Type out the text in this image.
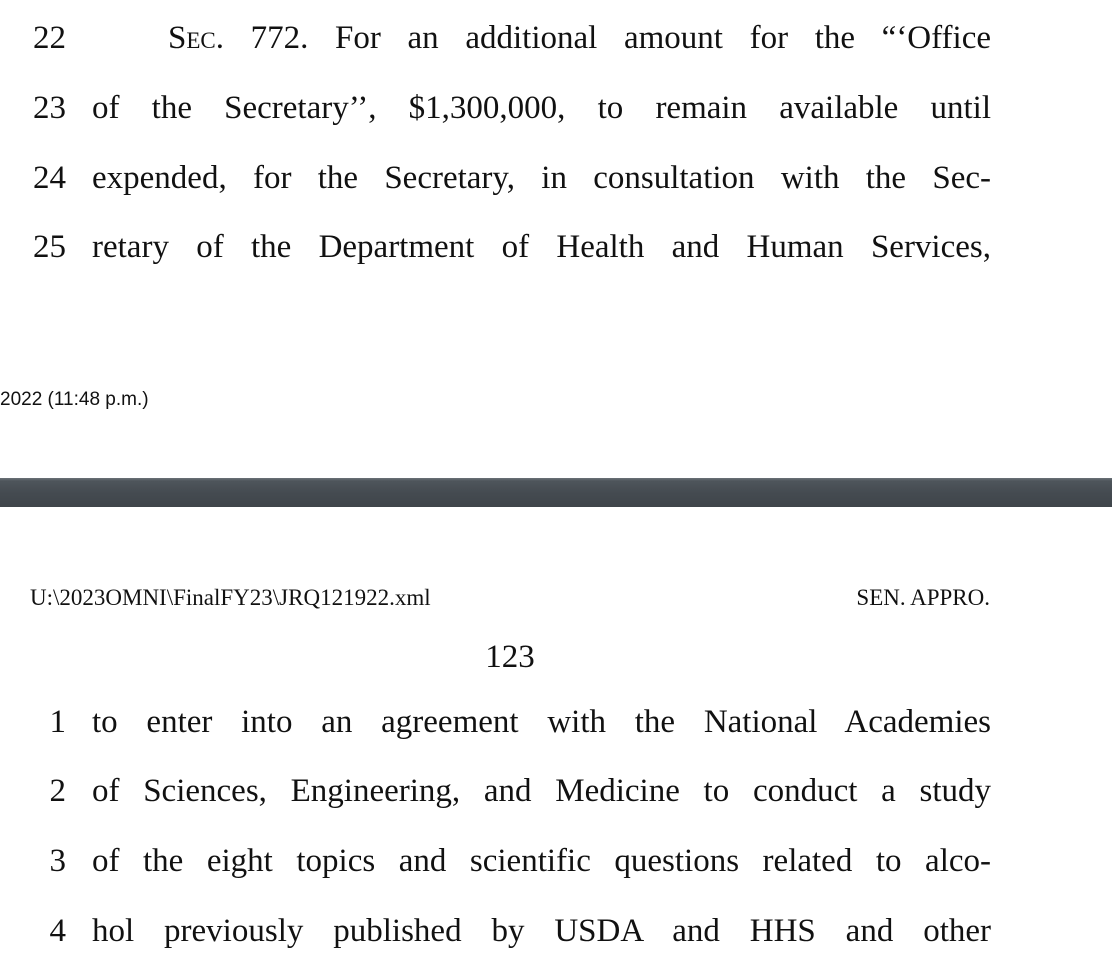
22	Sec. 772. For an additional amount for the “‘Office
23 of the Secretary’’, $1,300,000, to remain available until
24 expended, for the Secretary, in consultation with the Sec-
25 retary of the Department of Health and Human Services,
2022 (11:48 p.m.)
U:\2023OMNI\FinalFY23\JRQ121922.xml	SEN. APPRO.
123
1 to enter into an agreement with the National Academies
2 of Sciences, Engineering, and Medicine to conduct a study
3 of the eight topics and scientific questions related to alco-
4 hol previously published by USDA and HHS and other
